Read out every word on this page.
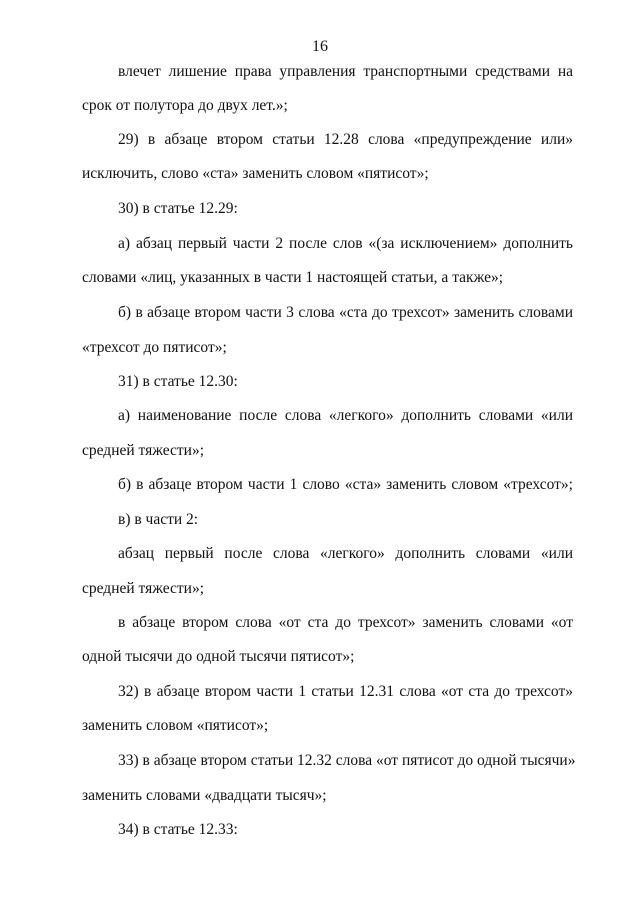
16
влечет лишение права управления транспортными средствами на
срок от полутора до двух лет.»;
29) в абзаце втором статьи 12.28 слова «предупреждение или»
исключить, слово «ста» заменить словом «пятисот»;
30) в статье 12.29:
а) абзац первый части 2 после слов «(за исключением» дополнить
словами «лиц, указанных в части 1 настоящей статьи, а также»;
б) в абзаце втором части 3 слова «ста до трехсот» заменить словами
«трехсот до пятисот»;
31) в статье 12.30:
а) наименование после слова «легкого» дополнить словами «или
средней тяжести»;
б) в абзаце втором части 1 слово «ста» заменить словом «трехсот»;
в) в части 2:
абзац первый после слова «легкого» дополнить словами «или
средней тяжести»;
в абзаце втором слова «от ста до трехсот» заменить словами «от
одной тысячи до одной тысячи пятисот»;
32) в абзаце втором части 1 статьи 12.31 слова «от ста до трехсот»
заменить словом «пятисот»;
33) в абзаце втором статьи 12.32 слова «от пятисот до одной тысячи»
заменить словами «двадцати тысяч»;
34) в статье 12.33:
